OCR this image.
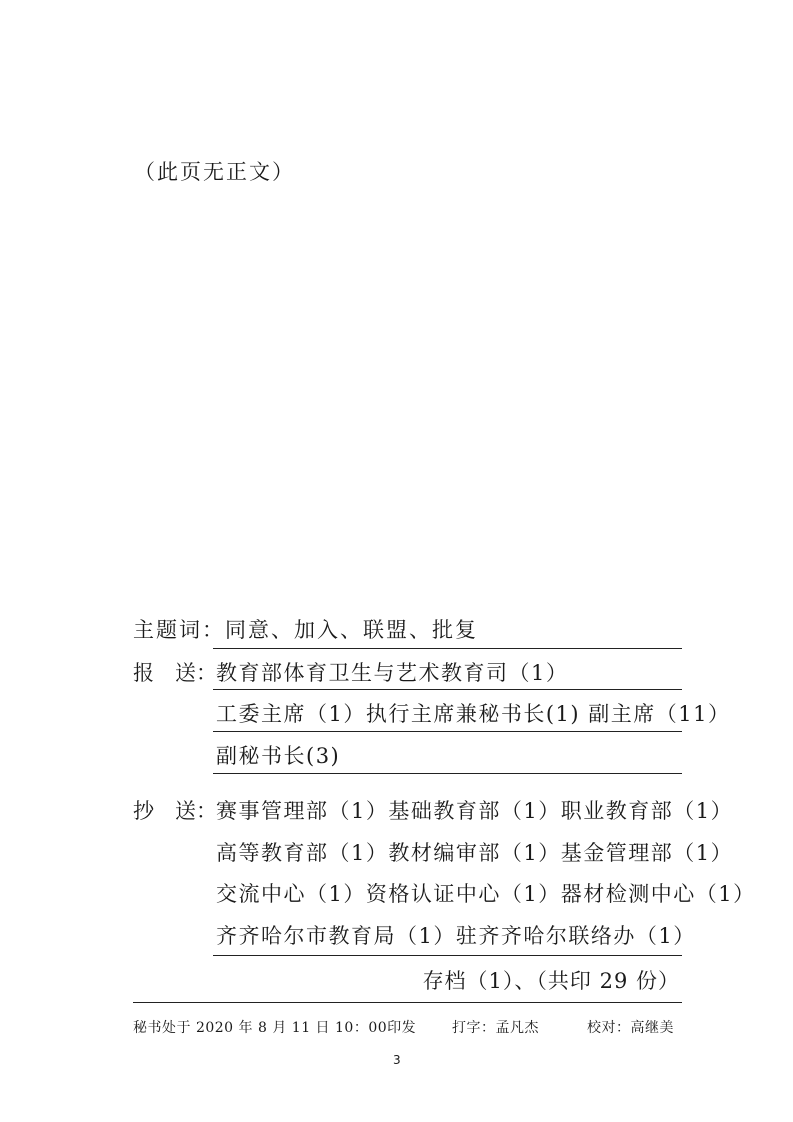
（此页无正文）
主题词：同意、加入、联盟、批复
报 送： 教育部体育卫生与艺术教育司（1）
工委主席（1）执行主席兼秘书长(1) 副主席（11）
副秘书长(3)
抄 送： 赛事管理部（1）基础教育部（1）职业教育部（1）
高等教育部（1）教材编审部（1）基金管理部（1）
交流中心（1）资格认证中心（1）器材检测中心（1）
齐齐哈尔市教育局（1）驻齐齐哈尔联络办（1）
存档（1）、（共印 29 份）
秘书处于 2020 年 8 月 11 日 10：00印发	打字：孟凡杰	校对：高继美
3
